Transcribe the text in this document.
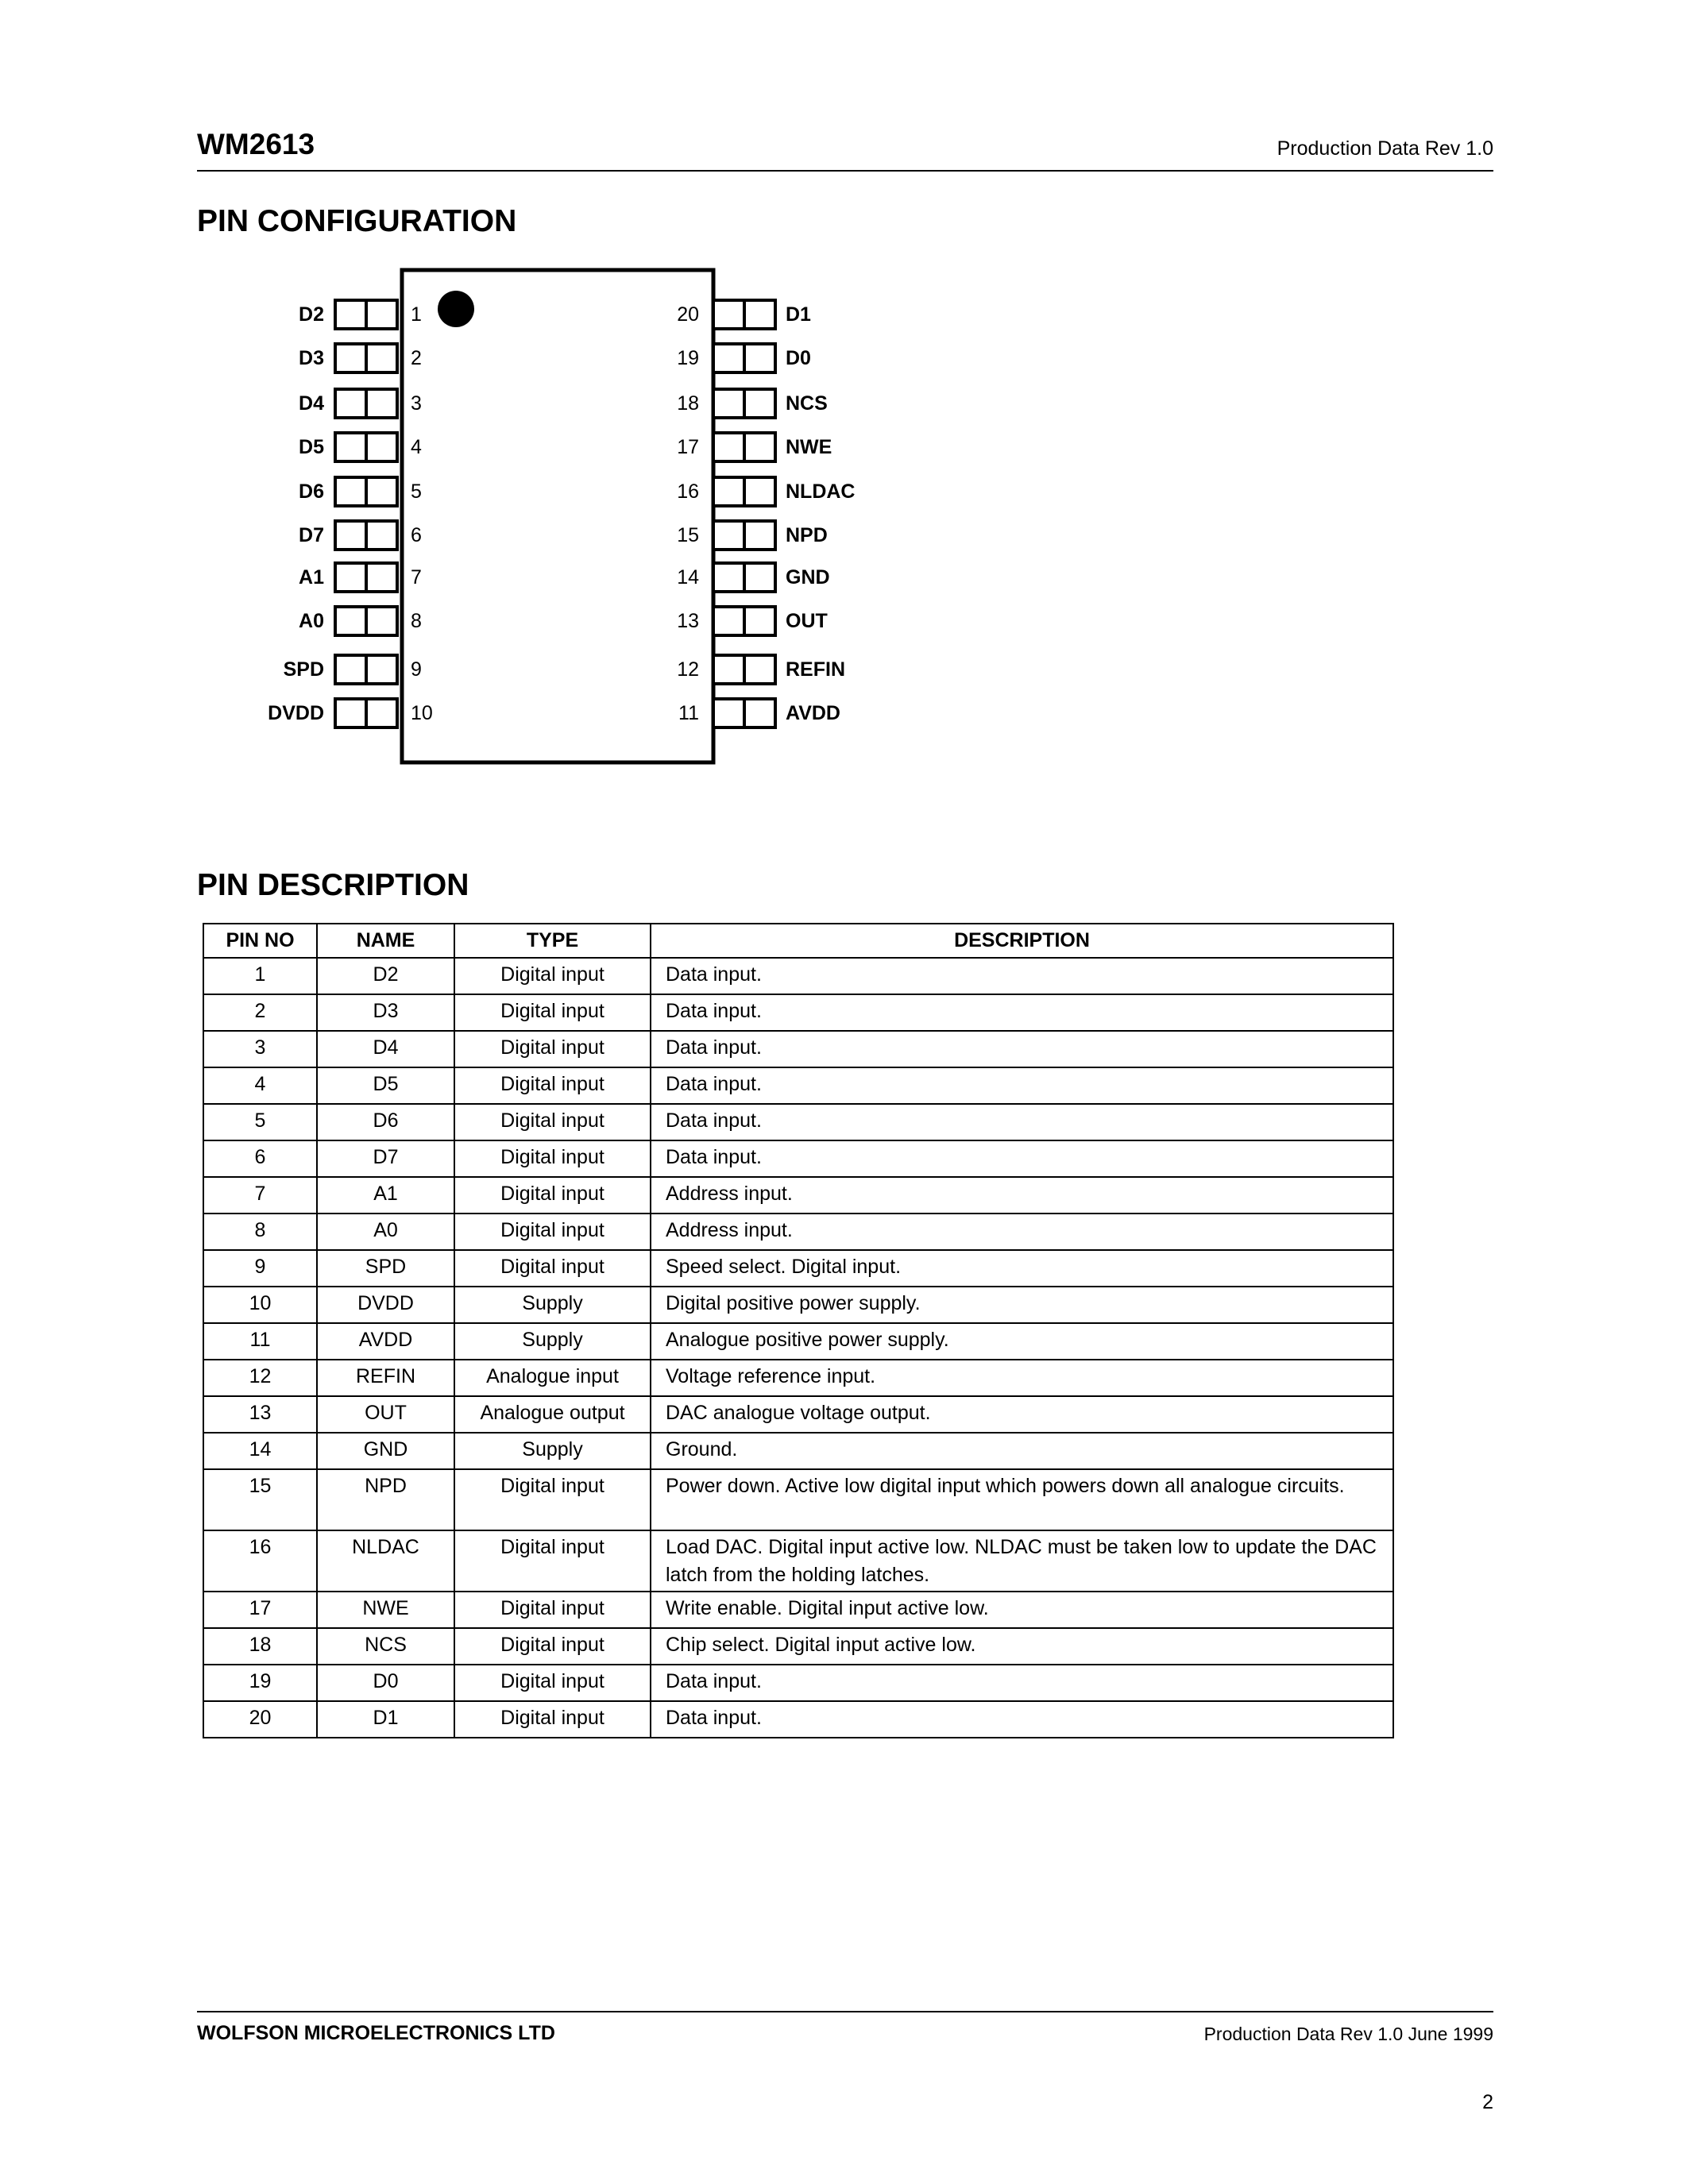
WM2613	Production Data Rev 1.0
PIN CONFIGURATION
D2	1
D3	2
D4	3
D5	4
D6	5
D7	6
A1	7
A0	8
SPD	9
DVDD	10
D1
20
D0
19
NCS
18
NWE
17
NLDAC
16
NPD
15
GND
14
OUT
13
REFIN
12
AVDD
11
PIN DESCRIPTION
PIN NO	NAME	TYPE	DESCRIPTION
1	D2	Digital input	Data input.
2	D3	Digital input	Data input.
3	D4	Digital input	Data input.
4	D5	Digital input	Data input.
5	D6	Digital input	Data input.
6	D7	Digital input	Data input.
7	A1	Digital input	Address input.
8	A0	Digital input	Address input.
9	SPD	Digital input	Speed select. Digital input.
10	DVDD	Supply	Digital positive power supply.
11	AVDD	Supply	Analogue positive power supply.
12	REFIN	Analogue input	Voltage reference input.
13	OUT	Analogue output	DAC analogue voltage output.
14	GND	Supply	Ground.
15	NPD	Digital input	Power down. Active low digital input which powers down all analogue circuits.
16	NLDAC	Digital input	Load DAC. Digital input active low. NLDAC must be taken low to update the DAC latch from the holding latches.
17	NWE	Digital input	Write enable. Digital input active low.
18	NCS	Digital input	Chip select. Digital input active low.
19	D0	Digital input	Data input.
20	D1	Digital input	Data input.
WOLFSON MICROELECTRONICS LTD	Production Data Rev 1.0 June 1999
2
